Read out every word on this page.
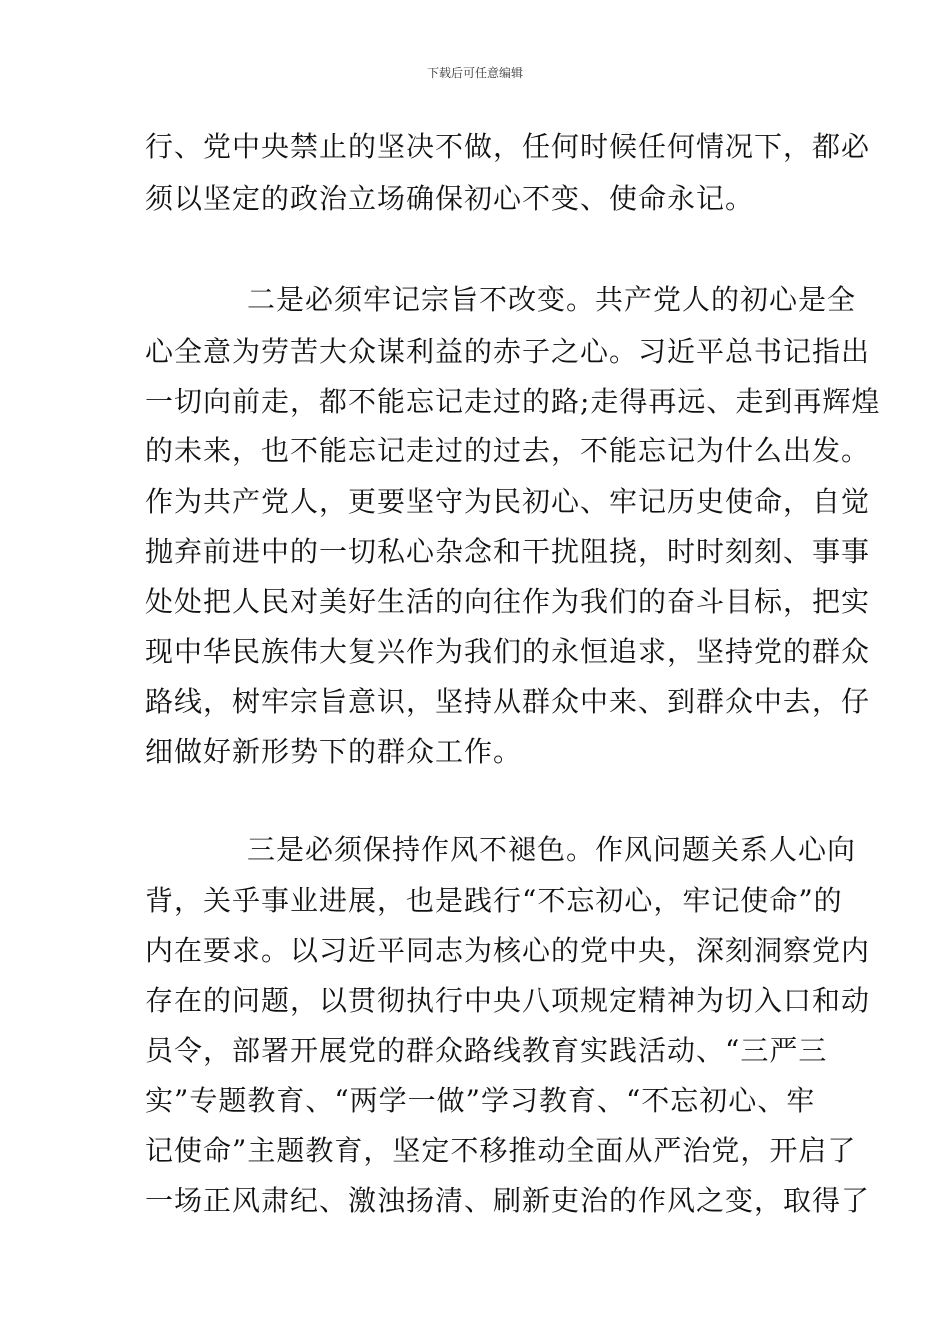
下载后可任意编辑
行、党中央禁止的坚决不做，任何时候任何情况下，都必
须以坚定的政治立场确保初心不变、使命永记。
二是必须牢记宗旨不改变。共产党人的初心是全
心全意为劳苦大众谋利益的赤子之心。习近平总书记指出
一切向前走，都不能忘记走过的路;走得再远、走到再辉煌
的未来，也不能忘记走过的过去，不能忘记为什么出发。
作为共产党人，更要坚守为民初心、牢记历史使命，自觉
抛弃前进中的一切私心杂念和干扰阻挠，时时刻刻、事事
处处把人民对美好生活的向往作为我们的奋斗目标，把实
现中华民族伟大复兴作为我们的永恒追求，坚持党的群众
路线，树牢宗旨意识，坚持从群众中来、到群众中去，仔
细做好新形势下的群众工作。
三是必须保持作风不褪色。作风问题关系人心向
背，关乎事业进展，也是践行“不忘初心，牢记使命”的
内在要求。以习近平同志为核心的党中央，深刻洞察党内
存在的问题，以贯彻执行中央八项规定精神为切入口和动
员令，部署开展党的群众路线教育实践活动、“三严三
实”专题教育、“两学一做”学习教育、“不忘初心、牢
记使命”主题教育，坚定不移推动全面从严治党，开启了
一场正风肃纪、激浊扬清、刷新吏治的作风之变，取得了
